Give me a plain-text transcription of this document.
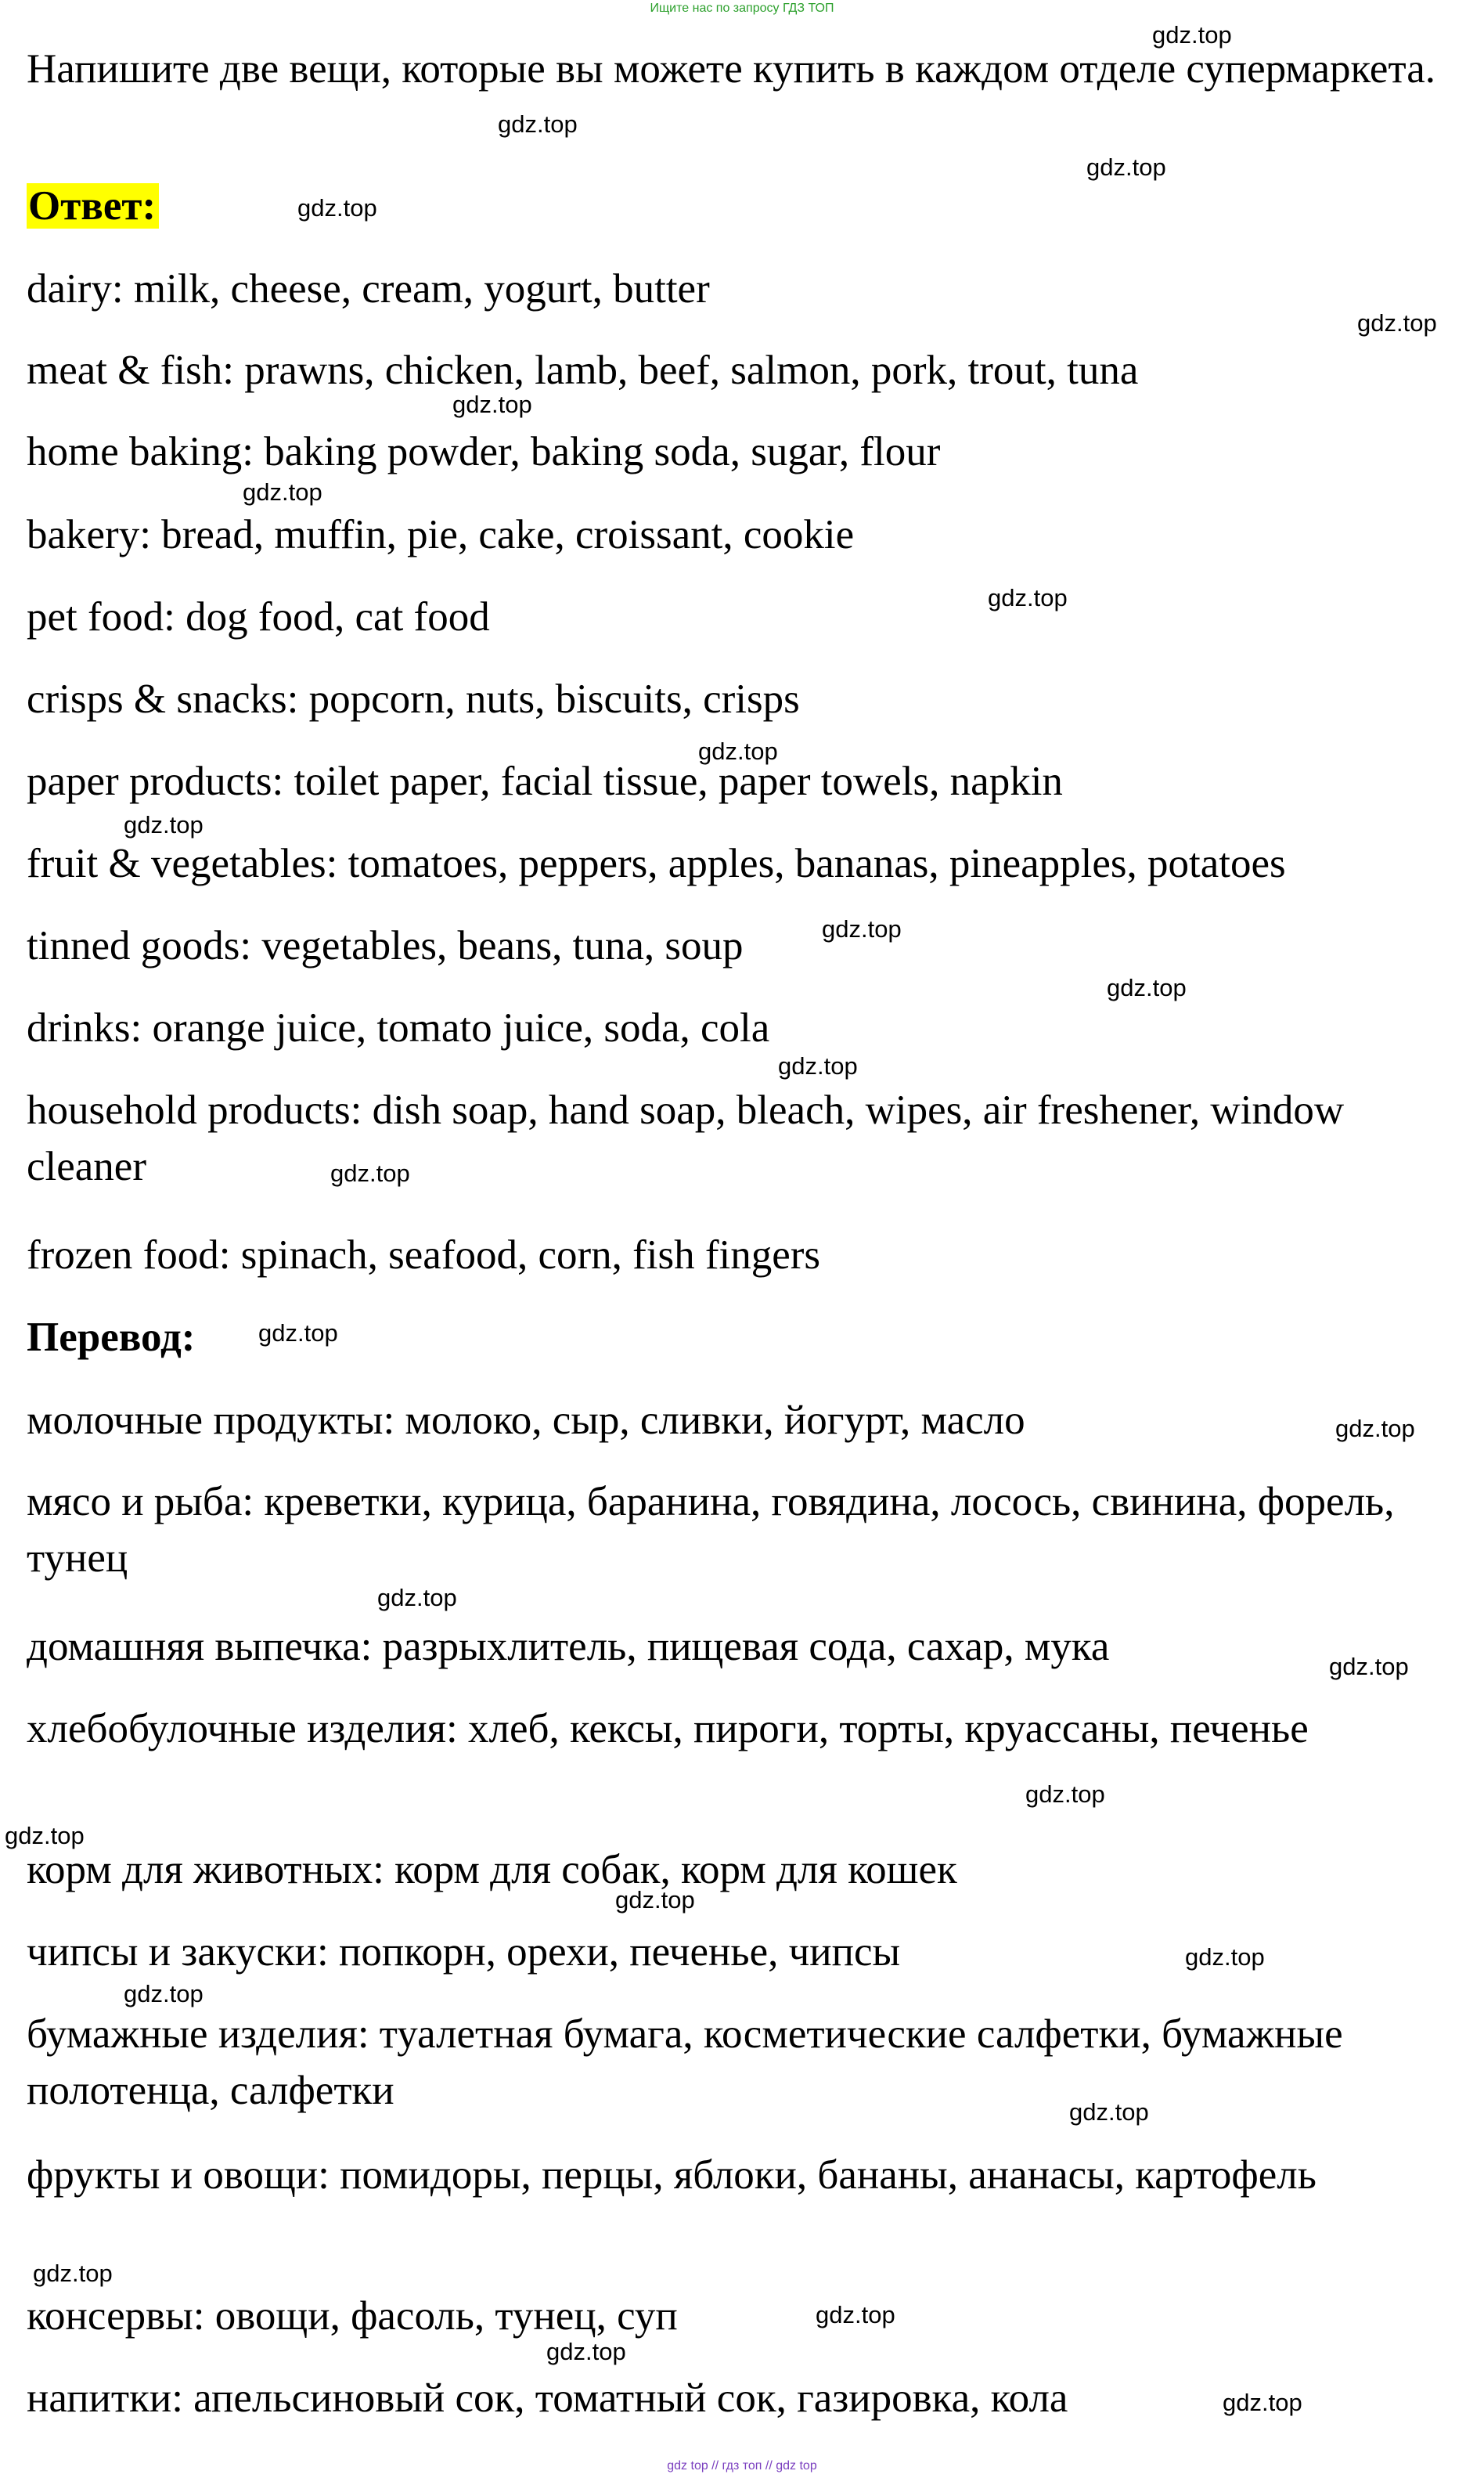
Ищите нас по запросу ГДЗ ТОП
Напишите две вещи, которые вы можете купить в каждом отделе супермаркета.
Ответ:
dairy: milk, cheese, cream, yogurt, butter
meat & fish: prawns, chicken, lamb, beef, salmon, pork, trout, tuna
home baking: baking powder, baking soda, sugar, flour
bakery: bread, muffin, pie, cake, croissant, cookie
pet food: dog food, cat food
crisps & snacks: popcorn, nuts, biscuits, crisps
paper products: toilet paper, facial tissue, paper towels, napkin
fruit & vegetables: tomatoes, peppers, apples, bananas, pineapples, potatoes
tinned goods: vegetables, beans, tuna, soup
drinks: orange juice, tomato juice, soda, cola
household products: dish soap, hand soap, bleach, wipes, air freshener, window cleaner
frozen food: spinach, seafood, corn, fish fingers
Перевод:
молочные продукты: молоко, сыр, сливки, йогурт, масло
мясо и рыба: креветки, курица, баранина, говядина, лосось, свинина, форель, тунец
домашняя выпечка: разрыхлитель, пищевая сода, сахар, мука
хлебобулочные изделия: хлеб, кексы, пироги, торты, круассаны, печенье
корм для животных: корм для собак, корм для кошек
чипсы и закуски: попкорн, орехи, печенье, чипсы
бумажные изделия: туалетная бумага, косметические салфетки, бумажные полотенца, салфетки
фрукты и овощи: помидоры, перцы, яблоки, бананы, ананасы, картофель
консервы: овощи, фасоль, тунец, суп
напитки: апельсиновый сок, томатный сок, газировка, кола
gdz.top
gdz.top
gdz.top
gdz.top
gdz.top
gdz.top
gdz.top
gdz.top
gdz.top
gdz.top
gdz.top
gdz.top
gdz.top
gdz.top
gdz.top
gdz.top
gdz.top
gdz.top
gdz.top
gdz.top
gdz.top
gdz.top
gdz.top
gdz.top
gdz.top
gdz.top
gdz.top
gdz.top
gdz top // гдз топ // gdz top
